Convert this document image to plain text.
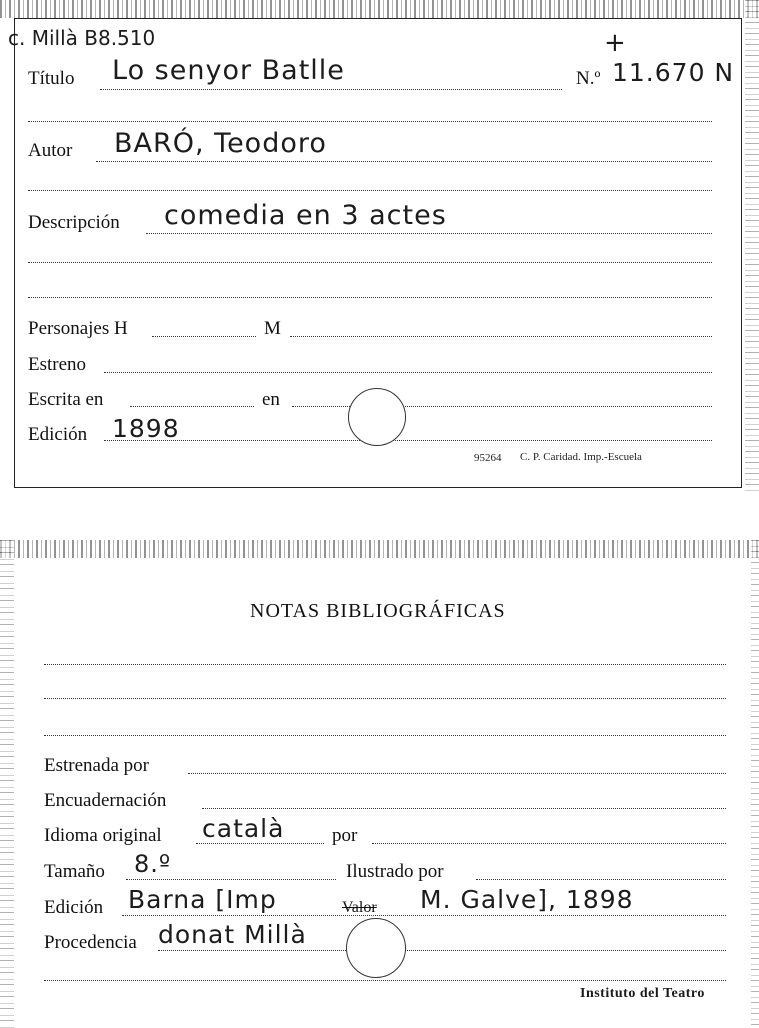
c. Millà B8.510	+
Título Lo senyor Batlle	N.º 11.670 N
Autor BARÓ, Teodoro
Descripción comedia en 3 actes
Personajes H	M
Estreno
Escrita en	en
Edición 1898
95264 C. P. Caridad. Imp.-Escuela
NOTAS BIBLIOGRÁFICAS
Estrenada por
Encuadernación
Idioma original català	por
Tamaño 8.º	Ilustrado por
Edición Barna [Imp	Valor M. Galve], 1898
Procedencia donat Millà
Instituto del Teatro
